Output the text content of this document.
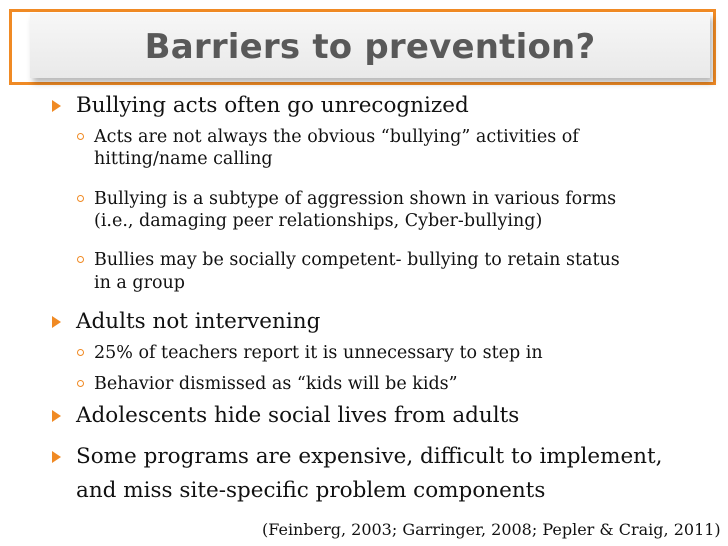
Barriers to prevention?
Bullying acts often go unrecognized
Acts are not always the obvious “bullying” activities of
hitting/name calling
Bullying is a subtype of aggression shown in various forms
(i.e., damaging peer relationships, Cyber-bullying)
Bullies may be socially competent- bullying to retain status
in a group
Adults not intervening
25% of teachers report it is unnecessary to step in
Behavior dismissed as “kids will be kids”
Adolescents hide social lives from adults
Some programs are expensive, difficult to implement,
and miss site-specific problem components
(Feinberg, 2003; Garringer, 2008; Pepler & Craig, 2011)
